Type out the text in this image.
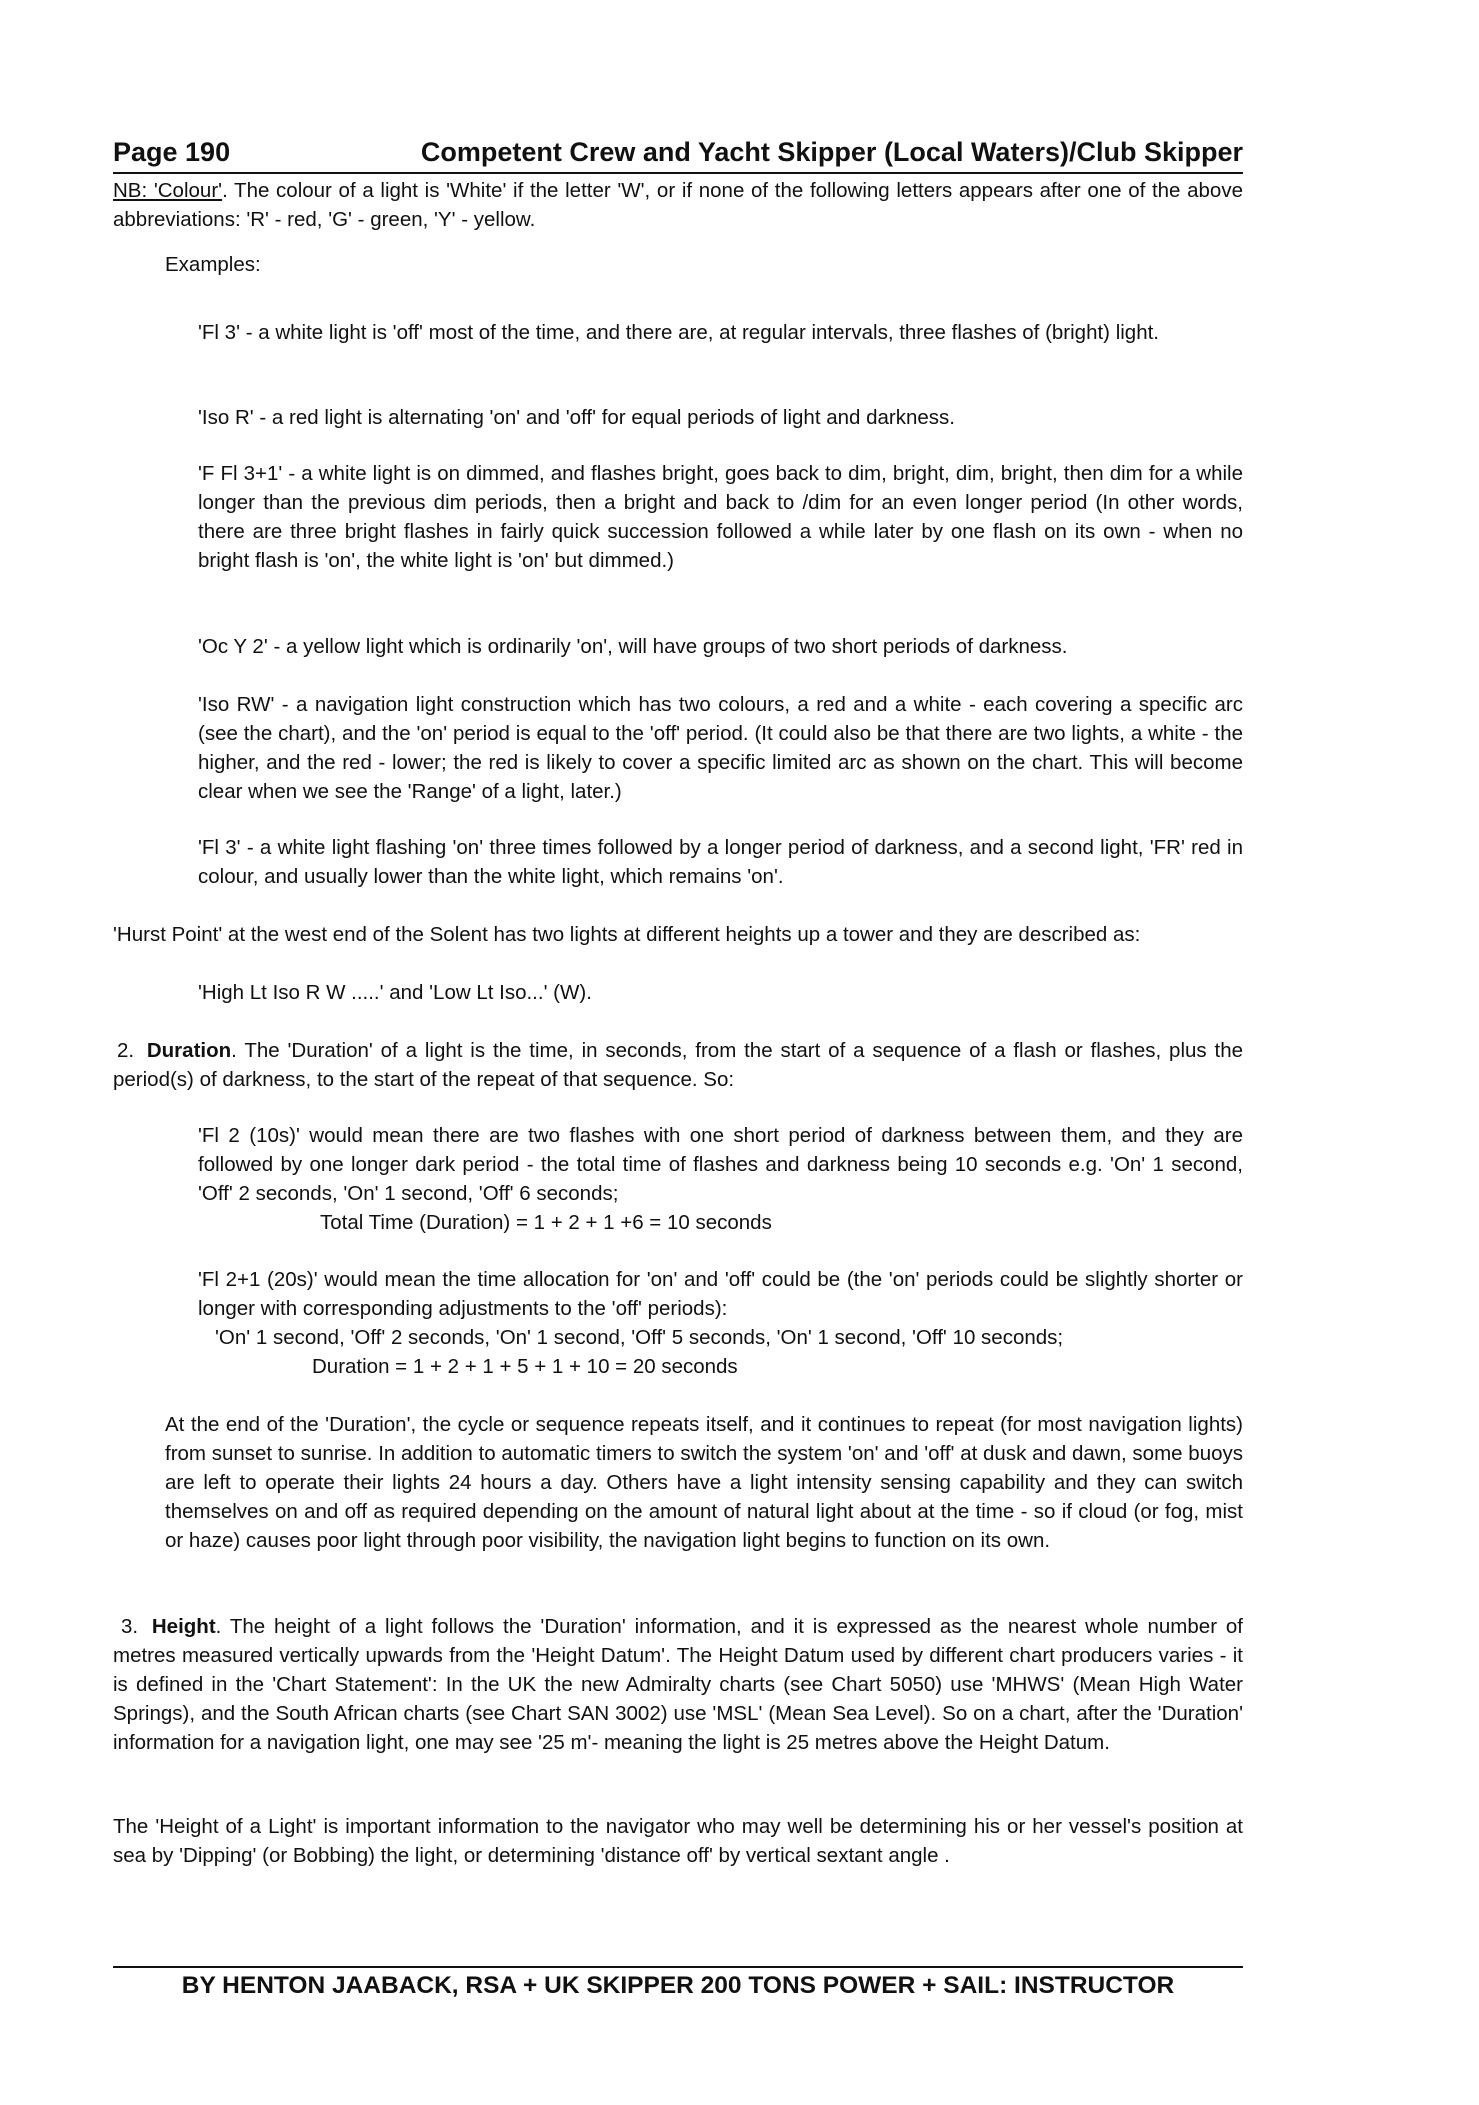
Page 190	Competent Crew and Yacht Skipper (Local Waters)/Club Skipper

NB: 'Colour'. The colour of a light is 'White' if the letter 'W', or if none of the following letters appears after one of the above abbreviations: 'R' - red, 'G' - green, 'Y' - yellow.

Examples:

'Fl 3' - a white light is 'off' most of the time, and there are, at regular intervals, three flashes of (bright) light.

'Iso R' - a red light is alternating 'on' and 'off' for equal periods of light and darkness.

'F Fl 3+1' - a white light is on dimmed, and flashes bright, goes back to dim, bright, dim, bright, then dim for a while longer than the previous dim periods, then a bright and back to /dim for an even longer period (In other words, there are three bright flashes in fairly quick succession followed a while later by one flash on its own - when no bright flash is 'on', the white light is 'on' but dimmed.)

'Oc Y 2' - a yellow light which is ordinarily 'on', will have groups of two short periods of darkness.

'Iso RW' - a navigation light construction which has two colours, a red and a white - each covering a specific arc (see the chart), and the 'on' period is equal to the 'off' period. (It could also be that there are two lights, a white - the higher, and the red - lower; the red is likely to cover a specific limited arc as shown on the chart. This will become clear when we see the 'Range' of a light, later.)

'Fl 3' - a white light flashing 'on' three times followed by a longer period of darkness, and a second light, 'FR' red in colour, and usually lower than the white light, which remains 'on'.

'Hurst Point' at the west end of the Solent has two lights at different heights up a tower and they are described as:

'High Lt Iso R W .....' and 'Low Lt Iso...' (W).

2. Duration. The 'Duration' of a light is the time, in seconds, from the start of a sequence of a flash or flashes, plus the period(s) of darkness, to the start of the repeat of that sequence. So:

'Fl 2 (10s)' would mean there are two flashes with one short period of darkness between them, and they are followed by one longer dark period - the total time of flashes and darkness being 10 seconds e.g. 'On' 1 second, 'Off' 2 seconds, 'On' 1 second, 'Off' 6 seconds;

Total Time (Duration) = 1 + 2 + 1 +6 = 10 seconds

'Fl 2+1 (20s)' would mean the time allocation for 'on' and 'off' could be (the 'on' periods could be slightly shorter or longer with corresponding adjustments to the 'off' periods):

'On' 1 second, 'Off' 2 seconds, 'On' 1 second, 'Off' 5 seconds, 'On' 1 second, 'Off' 10 seconds;

Duration = 1 + 2 + 1 + 5 + 1 + 10 = 20 seconds

At the end of the 'Duration', the cycle or sequence repeats itself, and it continues to repeat (for most navigation lights) from sunset to sunrise. In addition to automatic timers to switch the system 'on' and 'off' at dusk and dawn, some buoys are left to operate their lights 24 hours a day. Others have a light intensity sensing capability and they can switch themselves on and off as required depending on the amount of natural light about at the time - so if cloud (or fog, mist or haze) causes poor light through poor visibility, the navigation light begins to function on its own.

3. Height. The height of a light follows the 'Duration' information, and it is expressed as the nearest whole number of metres measured vertically upwards from the 'Height Datum'. The Height Datum used by different chart producers varies - it is defined in the 'Chart Statement': In the UK the new Admiralty charts (see Chart 5050) use 'MHWS' (Mean High Water Springs), and the South African charts (see Chart SAN 3002) use 'MSL' (Mean Sea Level). So on a chart, after the 'Duration' information for a navigation light, one may see '25 m'- meaning the light is 25 metres above the Height Datum.

The 'Height of a Light' is important information to the navigator who may well be determining his or her vessel's position at sea by 'Dipping' (or Bobbing) the light, or determining 'distance off' by vertical sextant angle .

BY HENTON JAABACK, RSA + UK SKIPPER 200 TONS POWER + SAIL: INSTRUCTOR
